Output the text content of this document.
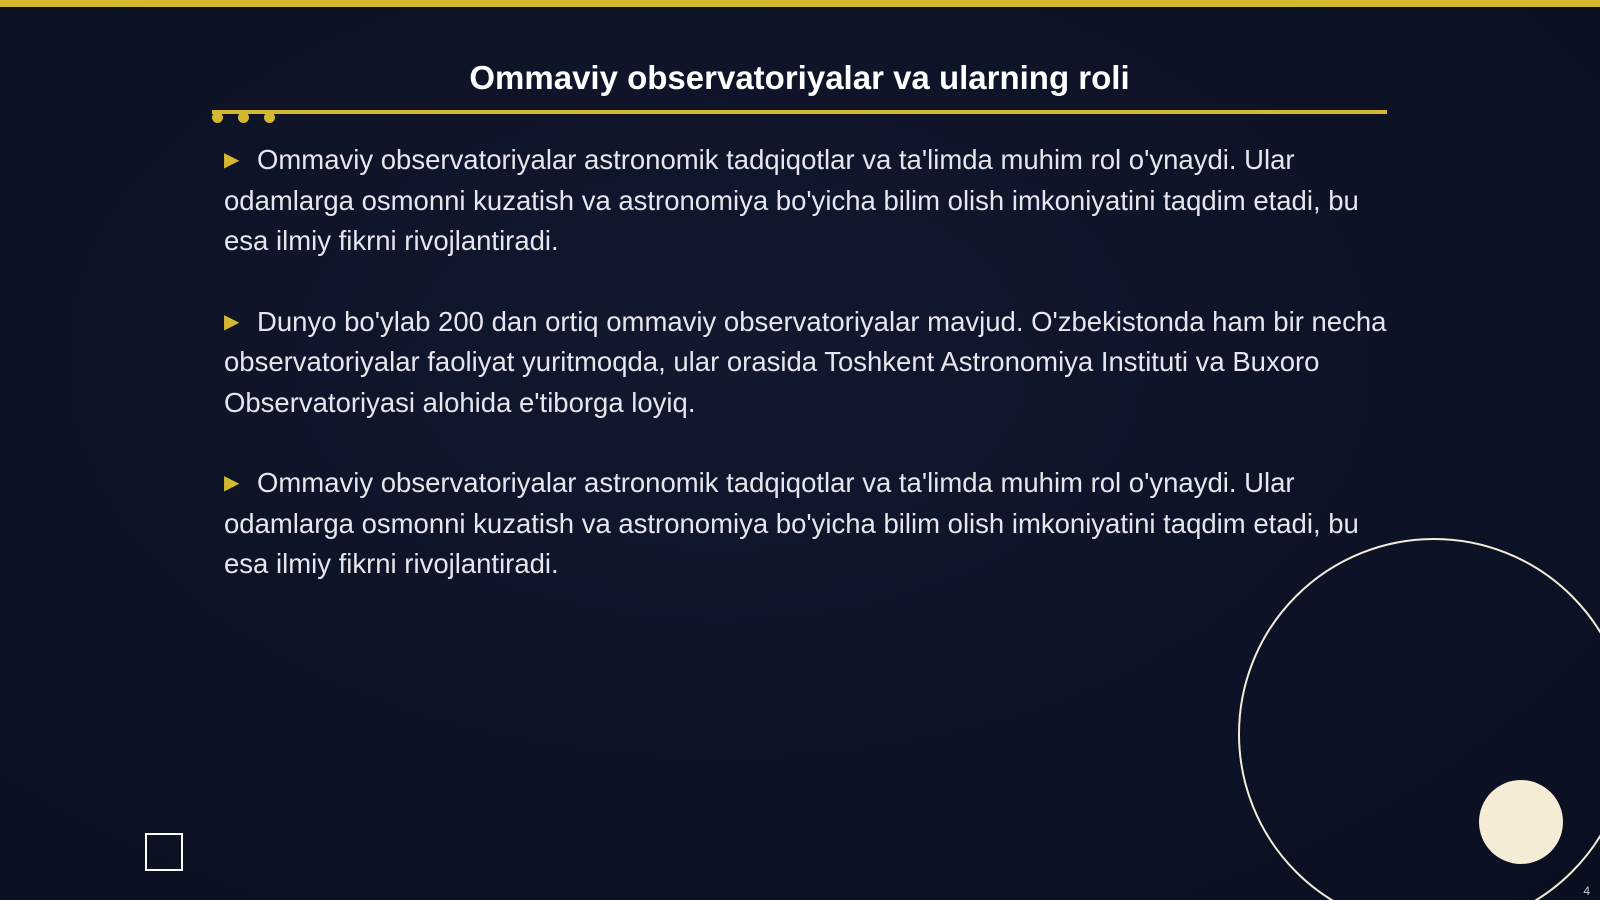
Ommaviy observatoriyalar va ularning roli

▶ Ommaviy observatoriyalar astronomik tadqiqotlar va ta'limda muhim rol o'ynaydi. Ular odamlarga osmonni kuzatish va astronomiya bo'yicha bilim olish imkoniyatini taqdim etadi, bu esa ilmiy fikrni rivojlantiradi.

▶ Dunyo bo'ylab 200 dan ortiq ommaviy observatoriyalar mavjud. O'zbekistonda ham bir necha observatoriyalar faoliyat yuritmoqda, ular orasida Toshkent Astronomiya Instituti va Buxoro Observatoriyasi alohida e'tiborga loyiq.

▶ Ommaviy observatoriyalar astronomik tadqiqotlar va ta'limda muhim rol o'ynaydi. Ular odamlarga osmonni kuzatish va astronomiya bo'yicha bilim olish imkoniyatini taqdim etadi, bu esa ilmiy fikrni rivojlantiradi.

4
